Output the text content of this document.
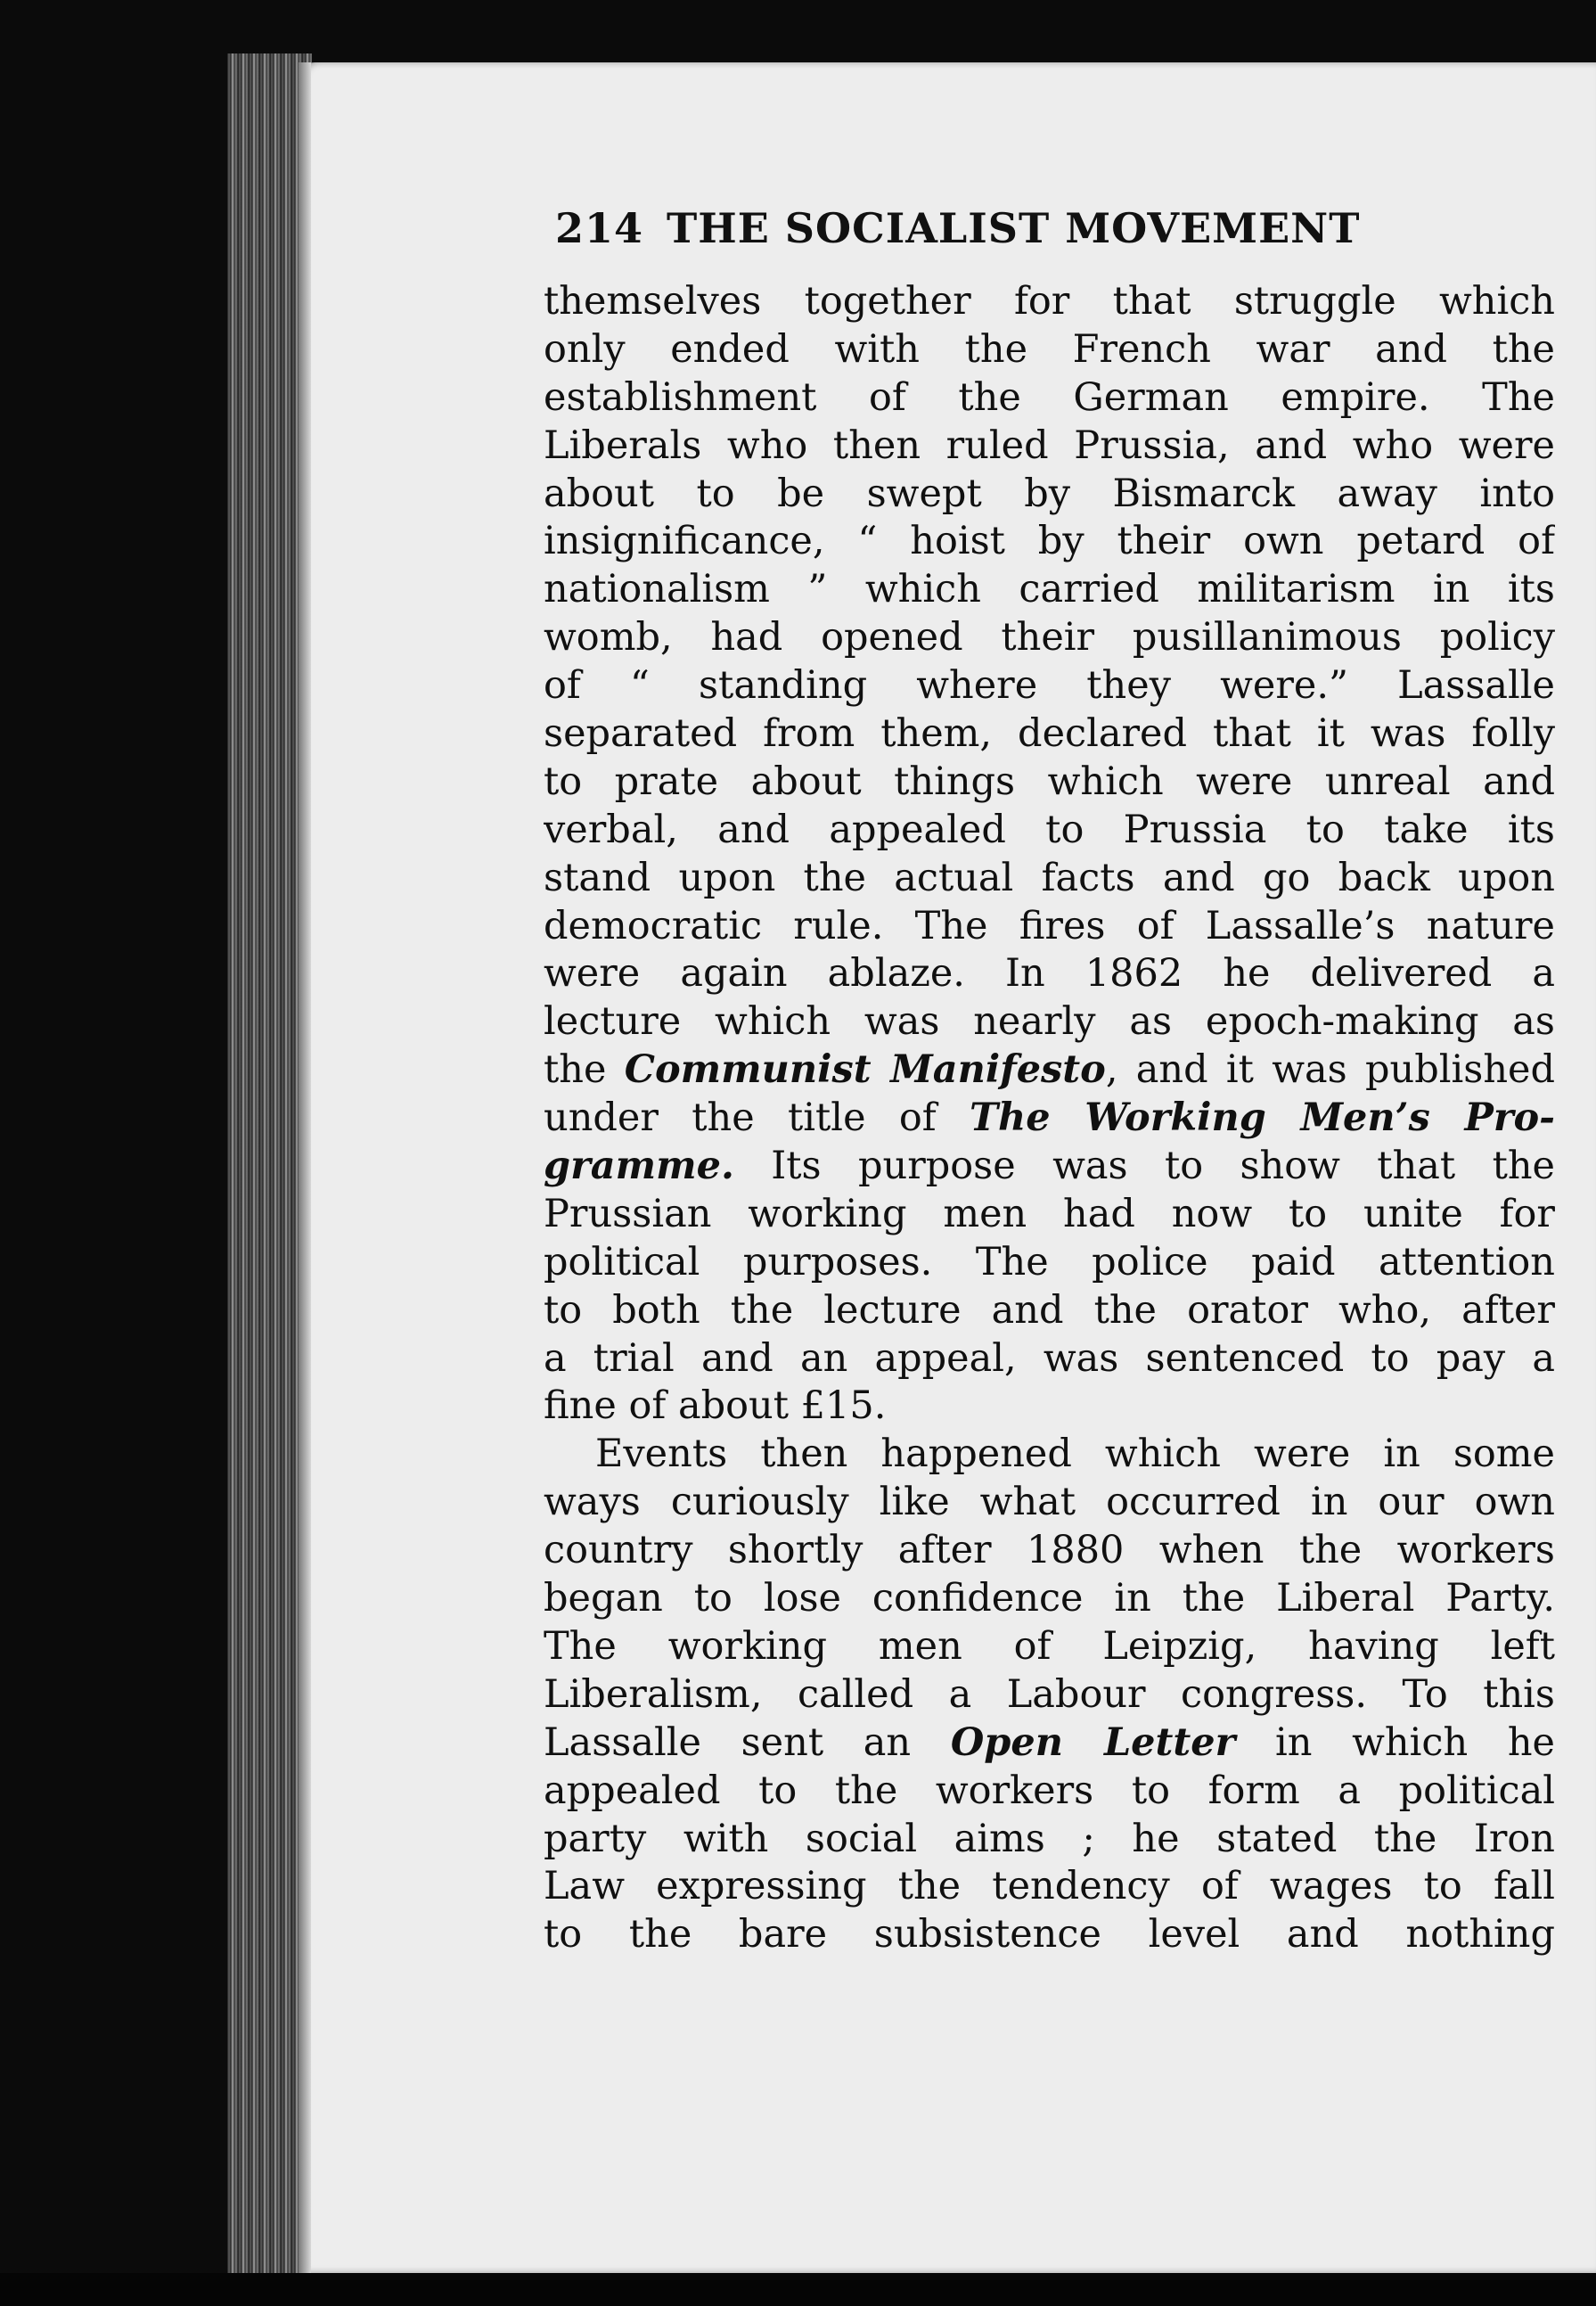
214 THE SOCIALIST MOVEMENT
themselves together for that struggle which
only ended with the French war and the
establishment of the German empire. The
Liberals who then ruled Prussia, and who were
about to be swept by Bismarck away into
insignificance, “ hoist by their own petard of
nationalism ” which carried militarism in its
womb, had opened their pusillanimous policy
of “ standing where they were.” Lassalle
separated from them, declared that it was folly
to prate about things which were unreal and
verbal, and appealed to Prussia to take its
stand upon the actual facts and go back upon
democratic rule. The fires of Lassalle’s nature
were again ablaze. In 1862 he delivered a
lecture which was nearly as epoch-making as
the Communist Manifesto, and it was published
under the title of The Working Men’s Pro-
gramme. Its purpose was to show that the
Prussian working men had now to unite for
political purposes. The police paid attention
to both the lecture and the orator who, after
a trial and an appeal, was sentenced to pay a
fine of about £15.
Events then happened which were in some
ways curiously like what occurred in our own
country shortly after 1880 when the workers
began to lose confidence in the Liberal Party.
The working men of Leipzig, having left
Liberalism, called a Labour congress. To this
Lassalle sent an Open Letter in which he
appealed to the workers to form a political
party with social aims ; he stated the Iron
Law expressing the tendency of wages to fall
to the bare subsistence level and nothing
